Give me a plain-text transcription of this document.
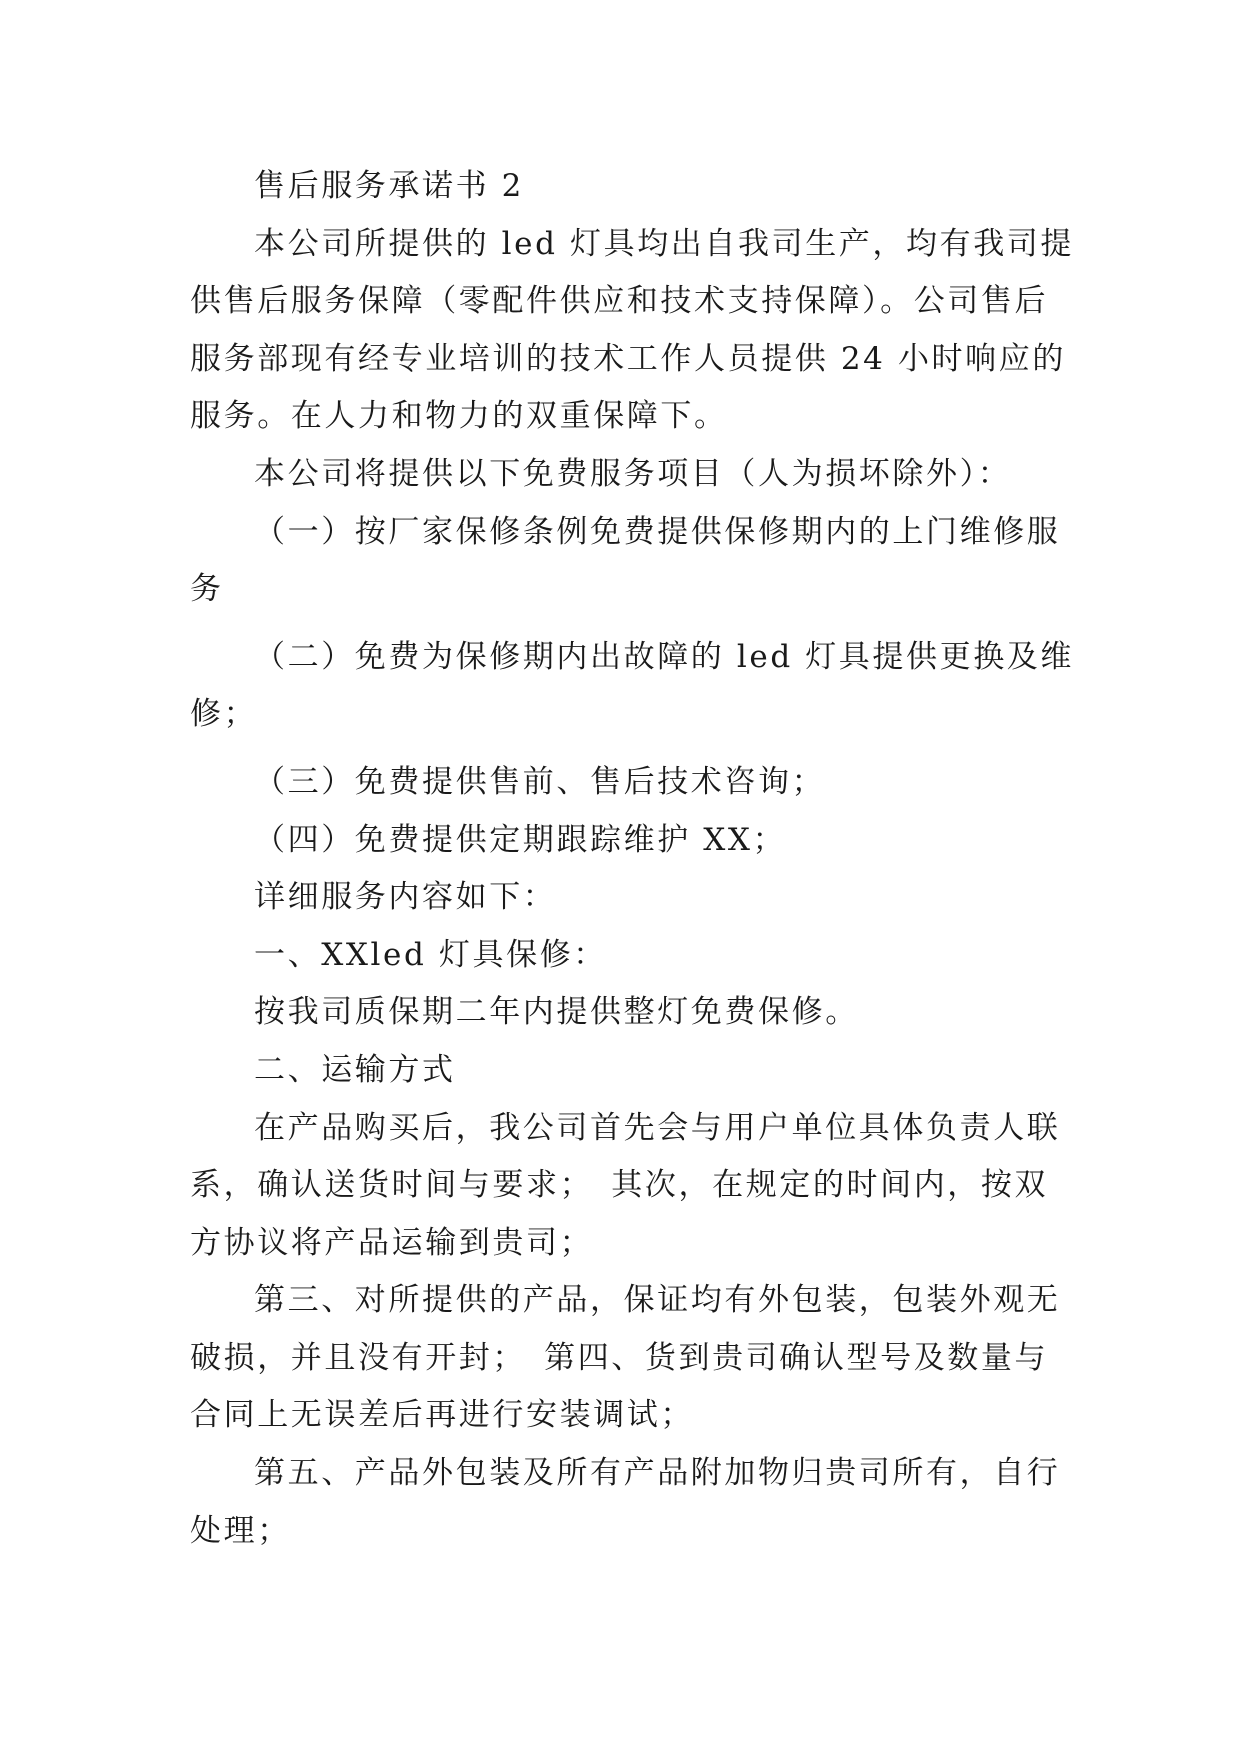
售后服务承诺书 2

本公司所提供的 led 灯具均出自我司生产，均有我司提

供售后服务保障（零配件供应和技术支持保障）。公司售后

服务部现有经专业培训的技术工作人员提供 24 小时响应的

服务。在人力和物力的双重保障下。

本公司将提供以下免费服务项目（人为损坏除外）：

（一）按厂家保修条例免费提供保修期内的上门维修服

务

（二）免费为保修期内出故障的 led 灯具提供更换及维

修；

（三）免费提供售前、售后技术咨询；

（四）免费提供定期跟踪维护 XX；

详细服务内容如下：

一、XXled 灯具保修：

按我司质保期二年内提供整灯免费保修。

二、运输方式

在产品购买后，我公司首先会与用户单位具体负责人联

系，确认送货时间与要求；　其次，在规定的时间内，按双

方协议将产品运输到贵司；

第三、对所提供的产品，保证均有外包装，包装外观无

破损，并且没有开封；　第四、货到贵司确认型号及数量与

合同上无误差后再进行安装调试；

第五、产品外包装及所有产品附加物归贵司所有，自行

处理；
